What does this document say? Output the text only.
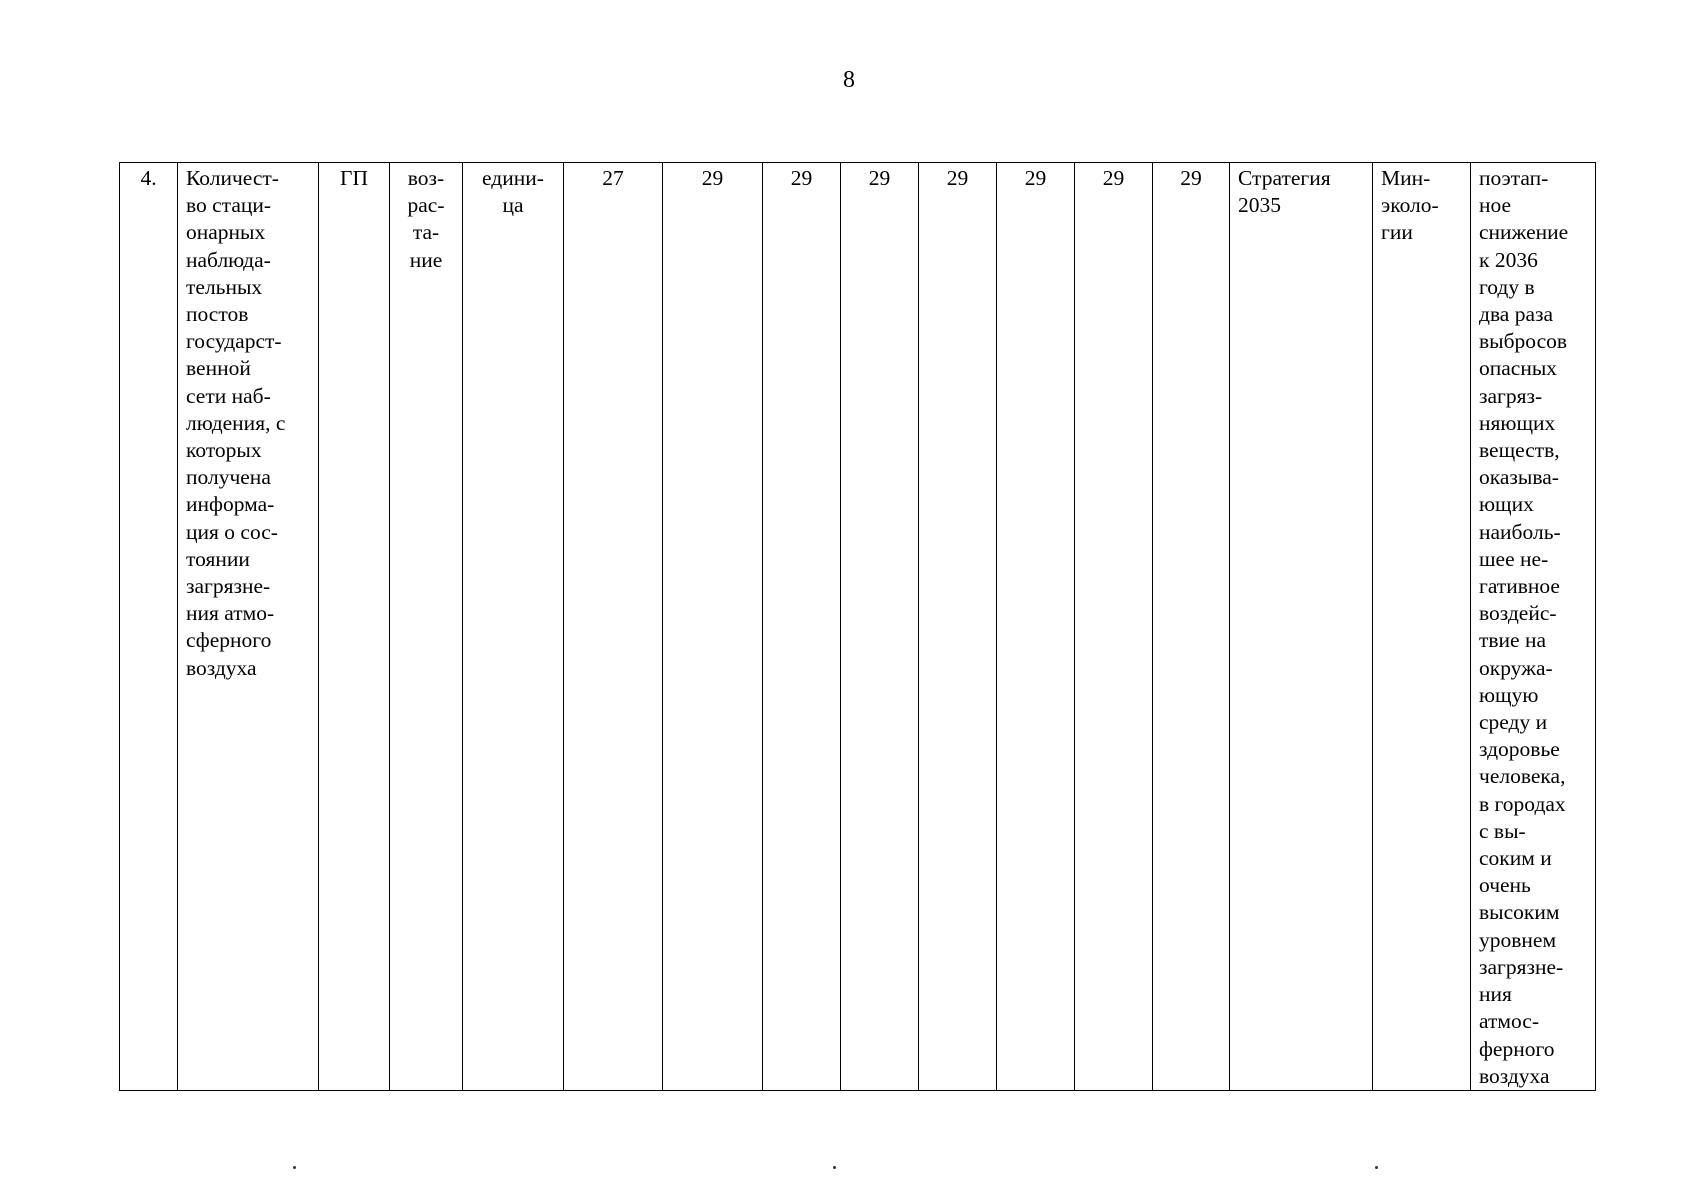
8
4.	Количест-
во стаци-
онарных
наблюда-
тельных
постов
государст-
венной
сети наб-
людения, с
которых
получена
информа-
ция о сос-
тоянии
загрязне-
ния атмо-
сферного
воздуха	ГП	воз-
рас-
та-
ние	едини-
ца	27	29	29	29	29	29	29	29	Стратегия
2035	Мин-
эколо-
гии	поэтап-
ное
снижение
к 2036
году в
два раза
выбросов
опасных
загряз-
няющих
веществ,
оказыва-
ющих
наиболь-
шее не-
гативное
воздейс-
твие на
окружа-
ющую
среду и
здоровье
человека,
в городах
с вы-
соким и
очень
высоким
уровнем
загрязне-
ния
атмос-
ферного
воздуха
